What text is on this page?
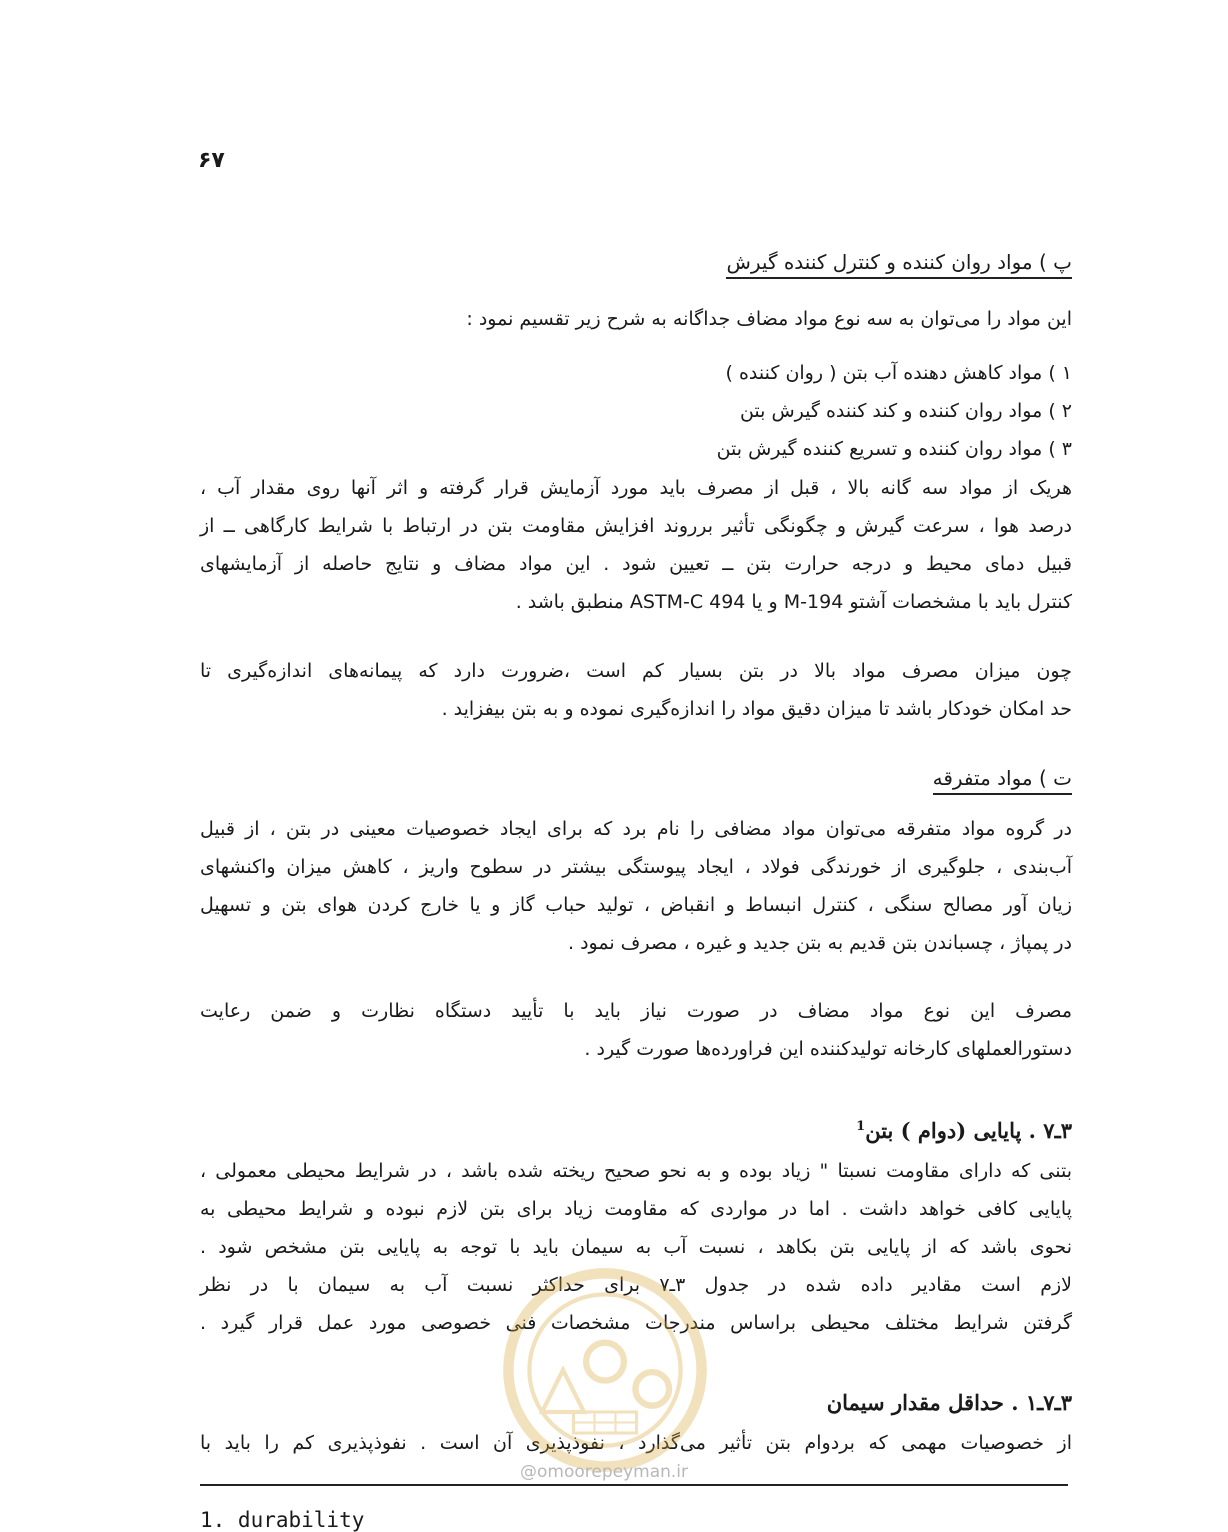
۶۷
پ ) مواد روان کننده و کنترل کننده گیرش
این مواد را می‌توان به سه نوع مواد مضاف جداگانه به شرح زیر تقسیم نمود :
۱ ) مواد کاهش دهنده آب بتن ( روان کننده )
۲ ) مواد روان کننده و کند کننده گیرش بتن
۳ ) مواد روان کننده و تسریع کننده گیرش بتن
هریک از مواد سه گانه بالا ، قبل از مصرف باید مورد آزمایش قرار گرفته و اثر آنها روی مقدار آب ،
درصد هوا ، سرعت گیرش و چگونگی تأثیر برروند افزایش مقاومت بتن در ارتباط با شرایط کارگاهی ــ از
قبیل دمای محیط و درجه حرارت بتن ــ تعیین شود . این مواد مضاف و نتایج حاصله از آزمایشهای
کنترل باید با مشخصات آشتو M-194 و یا ASTM-C 494 منطبق باشد .
چون میزان مصرف مواد بالا در بتن بسیار کم است ،ضرورت دارد که پیمانه‌های اندازه‌گیری تا
حد امکان خودکار باشد تا میزان دقیق مواد را اندازه‌گیری نموده و به بتن بیفزاید .
ت ) مواد متفرقه
در گروه مواد متفرقه می‌توان مواد مضافی را نام برد که برای ایجاد خصوصیات معینی در بتن ، از قبیل
آب‌بندی ، جلوگیری از خورندگی فولاد ، ایجاد پیوستگی بیشتر در سطوح واریز ، کاهش میزان واکنشهای
زیان آور مصالح سنگی ، کنترل انبساط و انقباض ، تولید حباب گاز و یا خارج کردن هوای بتن و تسهیل
در پمپاژ ، چسباندن بتن قدیم به بتن جدید و غیره ، مصرف نمود .
مصرف این نوع مواد مضاف در صورت نیاز باید با تأیید دستگاه نظارت و ضمن رعایت
دستورالعملهای کارخانه تولیدکننده این فراورده‌ها صورت گیرد .
۳ـ۷ . پایایی (دوام ) بتن$^1$
بتنی که دارای مقاومت نسبتا " زیاد بوده و به نحو صحیح ریخته شده باشد ، در شرایط محیطی معمولی ،
پایایی کافی خواهد داشت . اما در مواردی که مقاومت زیاد برای بتن لازم نبوده و شرایط محیطی به
نحوی باشد که از پایایی بتن بکاهد ، نسبت آب به سیمان باید با توجه به پایایی بتن مشخص شود .
لازم است مقادیر داده شده در جدول ۳ـ۷ برای حداکثر نسبت آب به سیمان با در نظر
گرفتن شرایط مختلف محیطی براساس مندرجات مشخصات فنی خصوصی مورد عمل قرار گیرد .
۳ـ۷ـ۱ . حداقل مقدار سیمان
از خصوصیات مهمی که بردوام بتن تأثیر می‌گذارد ، نفوذپذیری آن است . نفوذپذیری کم را باید با
@omoorepeyman.ir
1. durability
